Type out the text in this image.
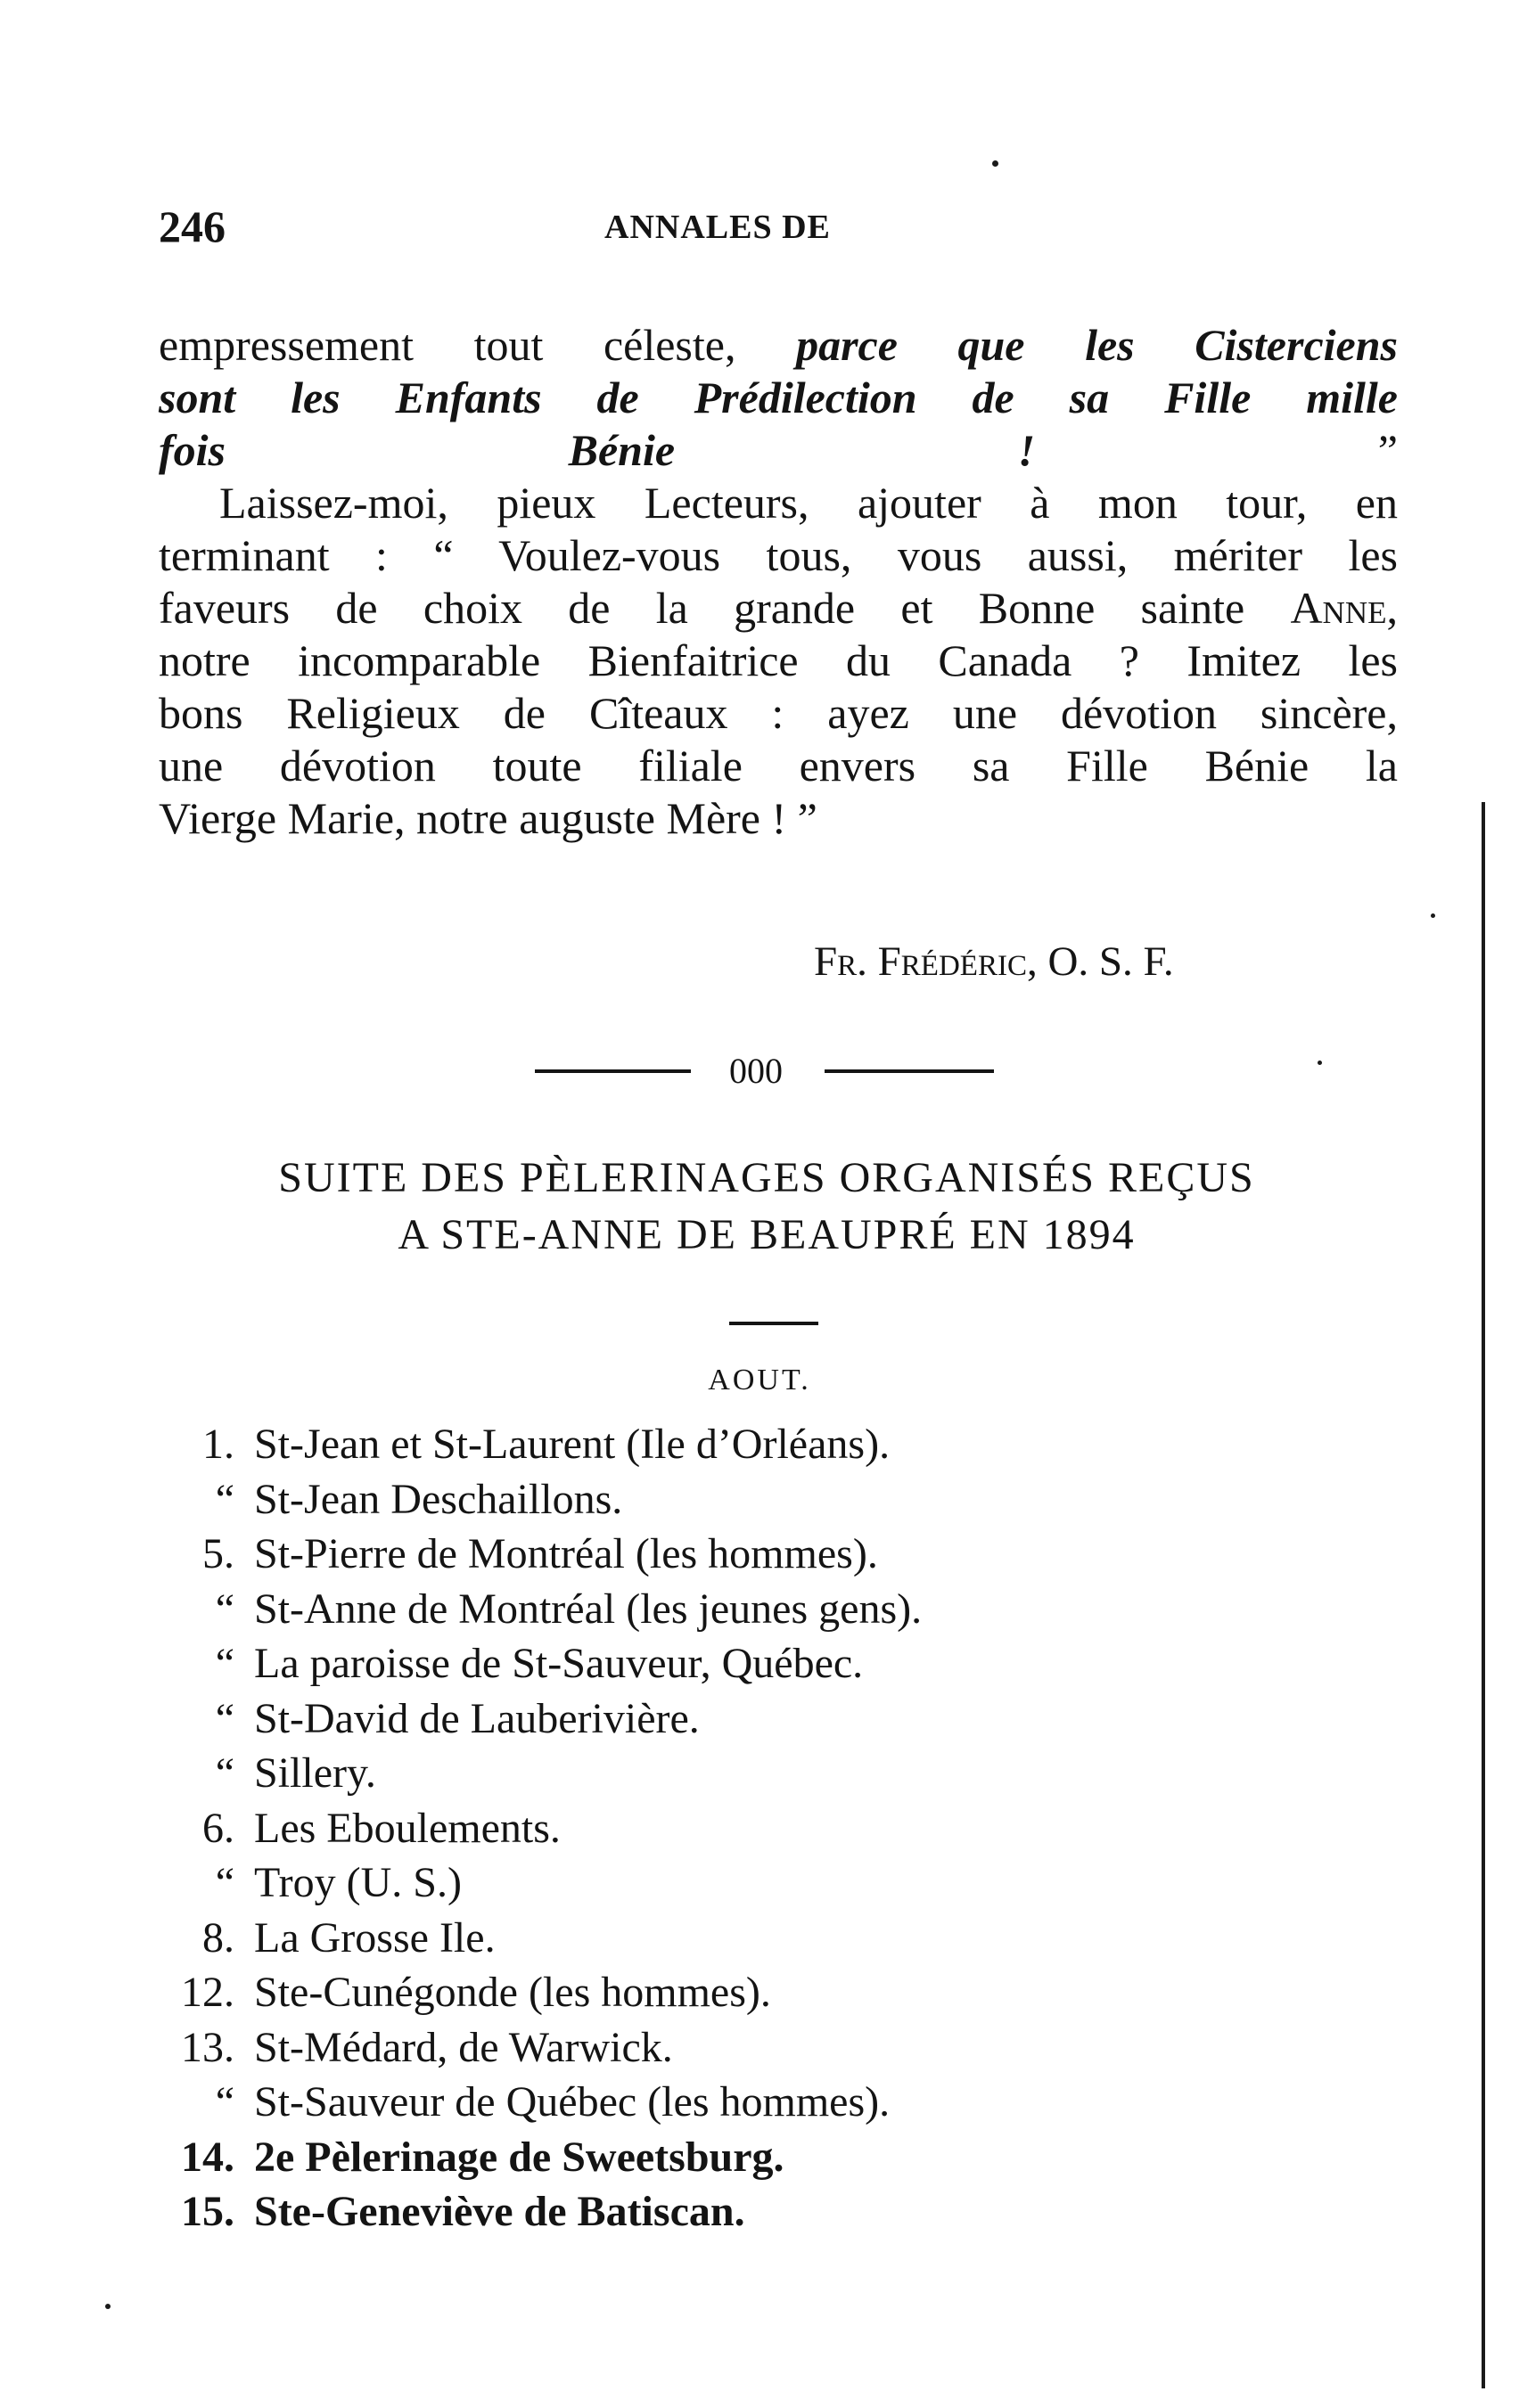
246	ANNALES DE
empressement tout céleste, parce que les Cisterciens
sont les Enfants de Prédilection de sa Fille mille
fois Bénie ! ”
Laissez-moi, pieux Lecteurs, ajouter à mon tour, en
terminant : “ Voulez-vous tous, vous aussi, mériter les
faveurs de choix de la grande et Bonne sainte Anne,
notre incomparable Bienfaitrice du Canada ? Imitez les
bons Religieux de Cîteaux : ayez une dévotion sincère,
une dévotion toute filiale envers sa Fille Bénie la
Vierge Marie, notre auguste Mère ! ”
Fr. Frédéric, O. S. F.
000
SUITE DES PÈLERINAGES ORGANISÉS REÇUS
A STE-ANNE DE BEAUPRÉ EN 1894
AOUT.
1. St-Jean et St-Laurent (Ile d’Orléans).
“ St-Jean Deschaillons.
5. St-Pierre de Montréal (les hommes).
“ St-Anne de Montréal (les jeunes gens).
“ La paroisse de St-Sauveur, Québec.
“ St-David de Lauberivière.
“ Sillery.
6. Les Eboulements.
“ Troy (U. S.)
8. La Grosse Ile.
12. Ste-Cunégonde (les hommes).
13. St-Médard, de Warwick.
“ St-Sauveur de Québec (les hommes).
14. 2e Pèlerinage de Sweetsburg.
15. Ste-Geneviève de Batiscan.
